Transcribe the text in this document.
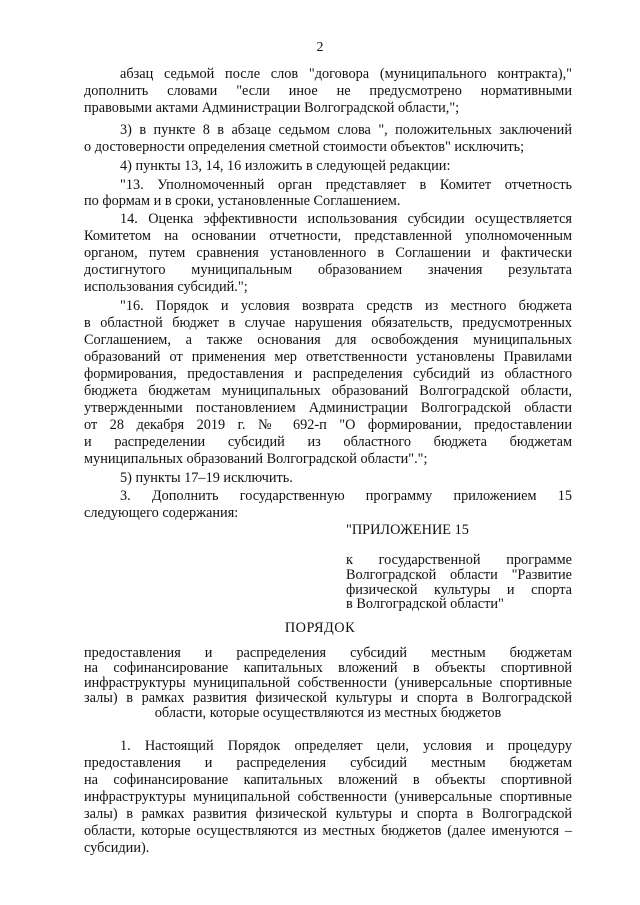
2
абзац седьмой после слов "договора (муниципального контракта),"
дополнить словами "если иное не предусмотрено нормативными
правовыми актами Администрации Волгоградской области,";
3) в пункте 8 в абзаце седьмом слова ", положительных заключений
о достоверности определения сметной стоимости объектов" исключить;
4) пункты 13, 14, 16 изложить в следующей редакции:
"13. Уполномоченный орган представляет в Комитет отчетность
по формам и в сроки, установленные Соглашением.
14. Оценка эффективности использования субсидии осуществляется
Комитетом на основании отчетности, представленной уполномоченным
органом, путем сравнения установленного в Соглашении и фактически
достигнутого муниципальным образованием значения результата
использования субсидий.";
"16. Порядок и условия возврата средств из местного бюджета
в областной бюджет в случае нарушения обязательств, предусмотренных
Соглашением, а также основания для освобождения муниципальных
образований от применения мер ответственности установлены Правилами
формирования, предоставления и распределения субсидий из областного
бюджета бюджетам муниципальных образований Волгоградской области,
утвержденными постановлением Администрации Волгоградской области
от 28 декабря 2019 г. № 692-п "О формировании, предоставлении
и распределении субсидий из областного бюджета бюджетам
муниципальных образований Волгоградской области".";
5) пункты 17–19 исключить.
3. Дополнить государственную программу приложением 15
следующего содержания:
"ПРИЛОЖЕНИЕ 15
к государственной программе
Волгоградской области "Развитие
физической культуры и спорта
в Волгоградской области"
ПОРЯДОК
предоставления и распределения субсидий местным бюджетам
на софинансирование капитальных вложений в объекты спортивной
инфраструктуры муниципальной собственности (универсальные спортивные
залы) в рамках развития физической культуры и спорта в Волгоградской
области, которые осуществляются из местных бюджетов
1. Настоящий Порядок определяет цели, условия и процедуру
предоставления и распределения субсидий местным бюджетам
на софинансирование капитальных вложений в объекты спортивной
инфраструктуры муниципальной собственности (универсальные спортивные
залы) в рамках развития физической культуры и спорта в Волгоградской
области, которые осуществляются из местных бюджетов (далее именуются –
субсидии).
